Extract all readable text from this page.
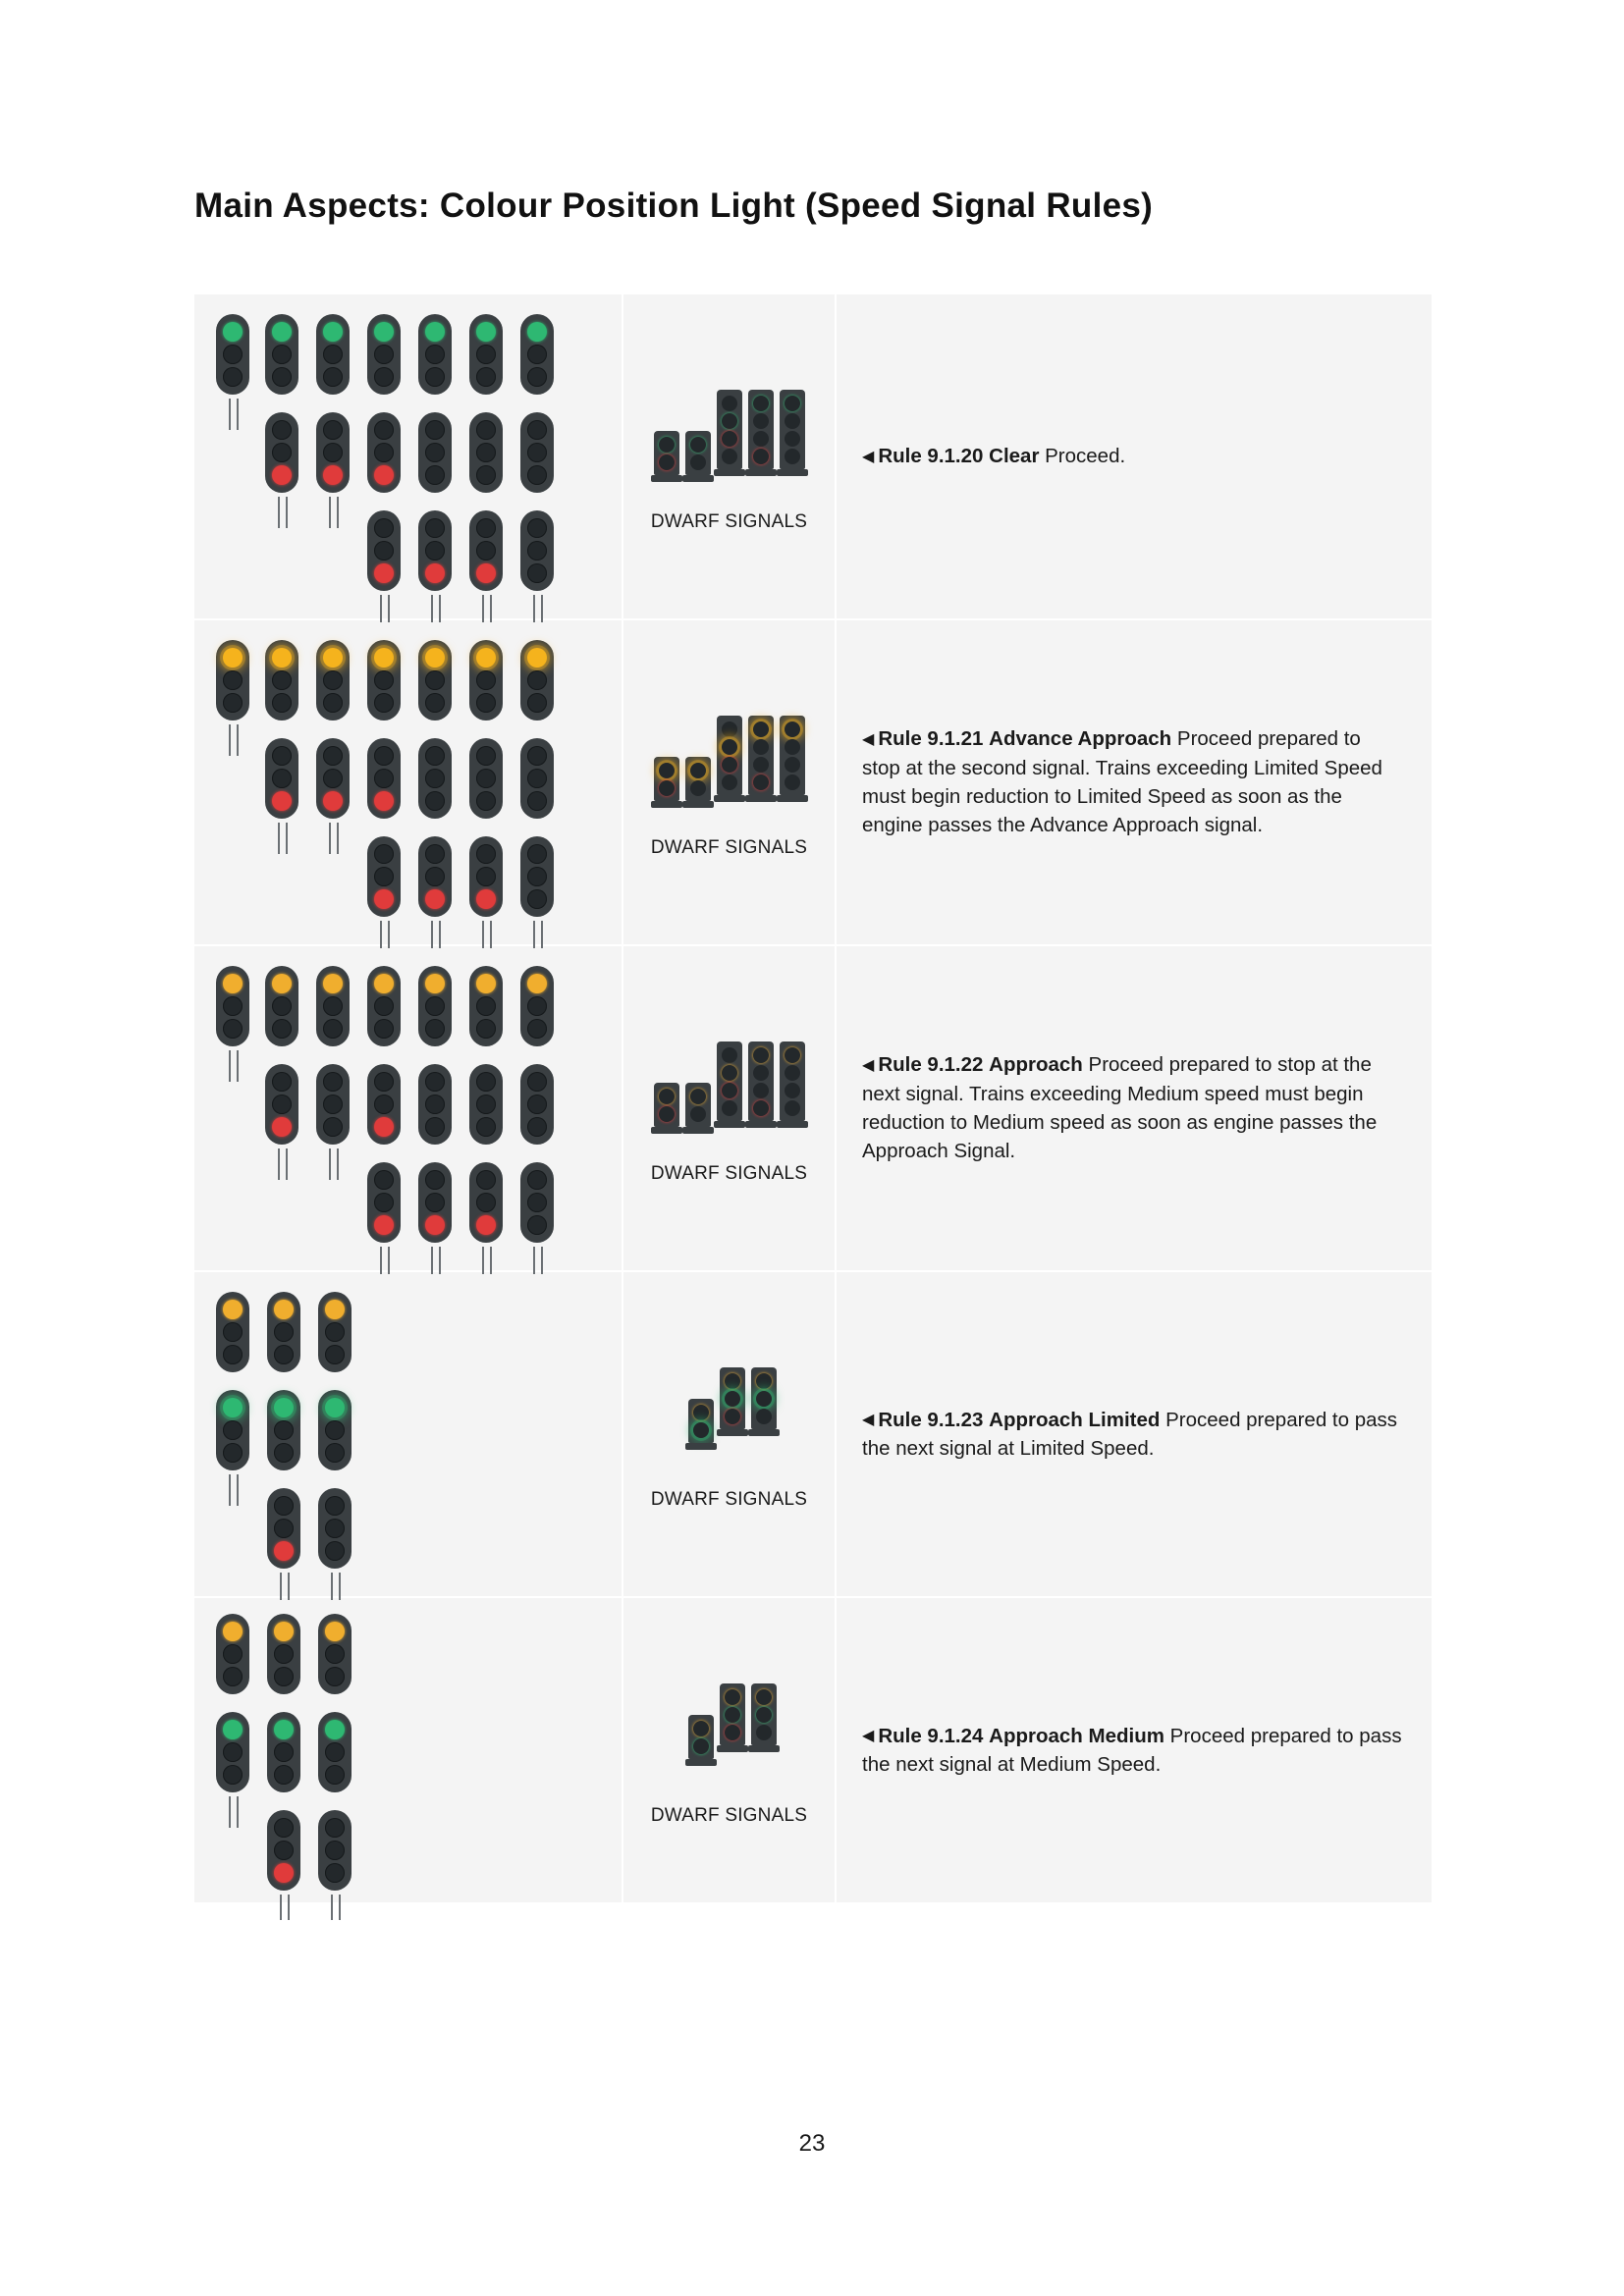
Main Aspects: Colour Position Light (Speed Signal Rules)
DWARF SIGNALS
◀ Rule 9.1.20 Clear Proceed.
DWARF SIGNALS
◀ Rule 9.1.21 Advance Approach Proceed prepared to stop at the second signal. Trains exceeding Limited Speed must begin reduction to Limited Speed as soon as the engine passes the Advance Approach signal.
DWARF SIGNALS
◀ Rule 9.1.22 Approach Proceed prepared to stop at the next signal. Trains exceeding Medium speed must begin reduction to Medium speed as soon as engine passes the Approach Signal.
DWARF SIGNALS
◀ Rule 9.1.23 Approach Limited Proceed prepared to pass the next signal at Limited Speed.
DWARF SIGNALS
◀ Rule 9.1.24 Approach Medium Proceed prepared to pass the next signal at Medium Speed.
23
